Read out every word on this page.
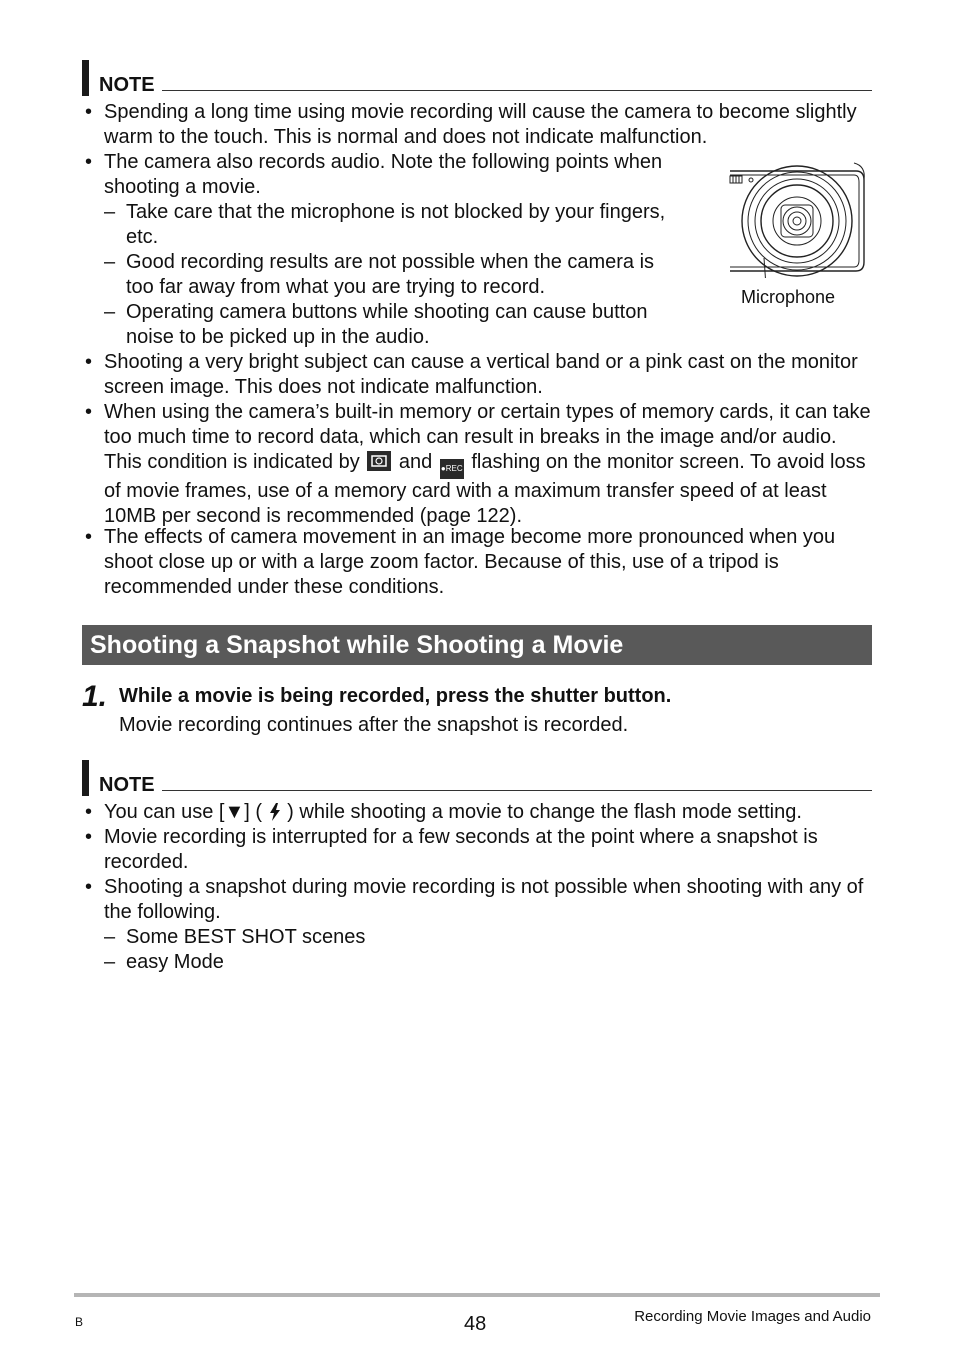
NOTE
• Spending a long time using movie recording will cause the camera to become slightly warm to the touch. This is normal and does not indicate malfunction.

• The camera also records audio. Note the following points when
shooting a movie.
– Take care that the microphone is not blocked by your fingers,
etc.
– Good recording results are not possible when the camera is
too far away from what you are trying to record.
– Operating camera buttons while shooting can cause button
noise to be picked up in the audio.
Microphone
• Shooting a very bright subject can cause a vertical band or a pink cast on the monitor screen image. This does not indicate malfunction.

• When using the camera’s built-in memory or certain types of memory cards, it can take too much time to record data, which can result in breaks in the image and/or audio. This condition is indicated by and ●REC flashing on the monitor screen. To avoid loss of movie frames, use of a memory card with a maximum transfer speed of at least 10MB per second is recommended (page 122).

• The effects of camera movement in an image become more pronounced when you shoot close up or with a large zoom factor. Because of this, use of a tripod is recommended under these conditions.

Shooting a Snapshot while Shooting a Movie
1. While a movie is being recorded, press the shutter button.
Movie recording continues after the snapshot is recorded.
NOTE
• You can use [▼] ( ) while shooting a movie to change the flash mode setting.
• Movie recording is interrupted for a few seconds at the point where a snapshot is recorded.

• Shooting a snapshot during movie recording is not possible when shooting with any of the following.

– Some BEST SHOT scenes
– easy Mode
B	48	Recording Movie Images and Audio
